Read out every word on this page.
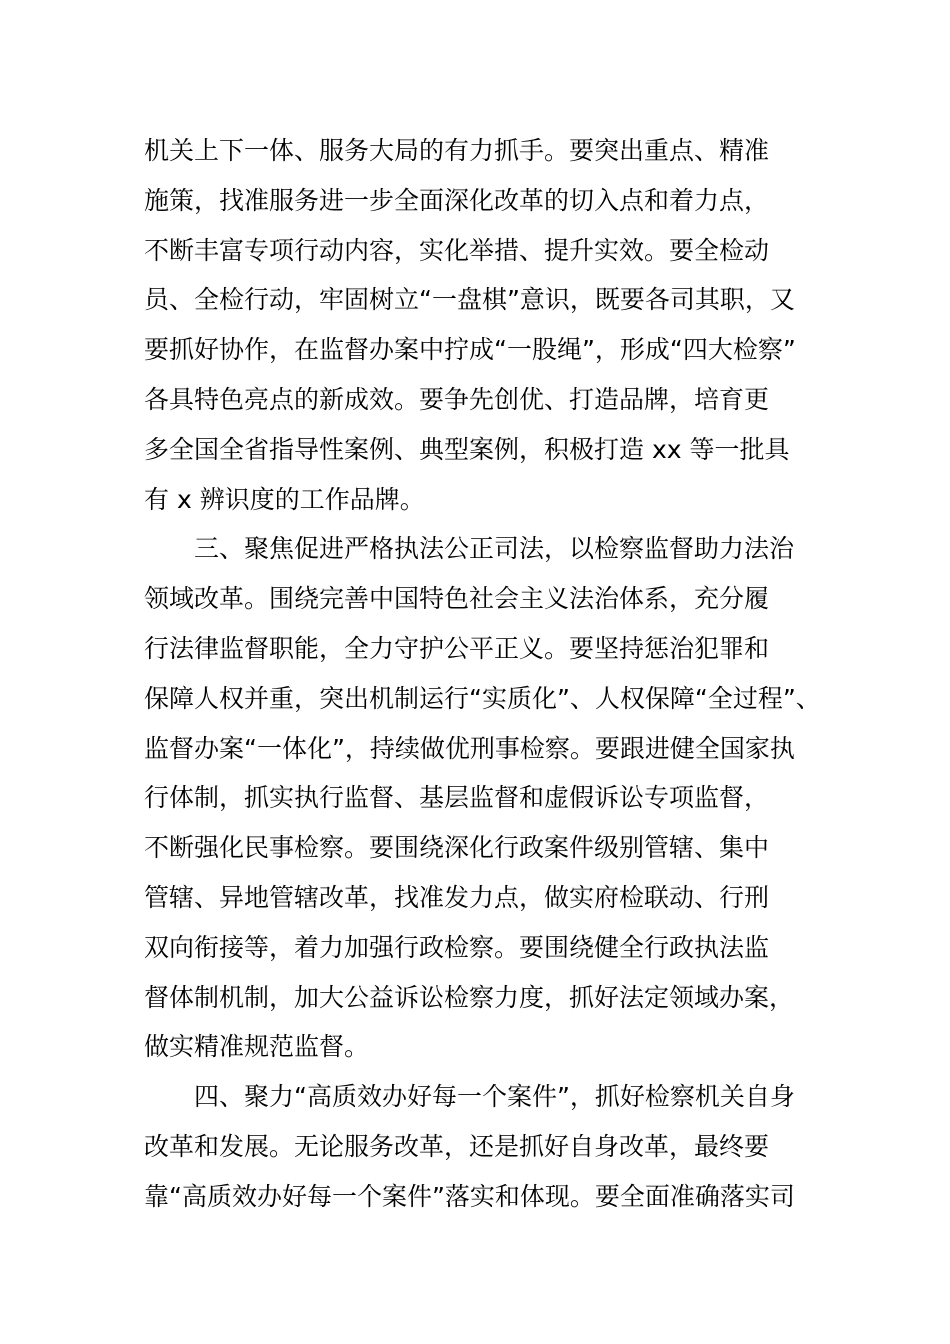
机关上下一体、服务大局的有力抓手。要突出重点、精准
施策，找准服务进一步全面深化改革的切入点和着力点，
不断丰富专项行动内容，实化举措、提升实效。要全检动
员、全检行动，牢固树立“一盘棋”意识，既要各司其职，又
要抓好协作，在监督办案中拧成“一股绳”，形成“四大检察”
各具特色亮点的新成效。要争先创优、打造品牌，培育更
多全国全省指导性案例、典型案例，积极打造 xx 等一批具
有 x 辨识度的工作品牌。
　　三、聚焦促进严格执法公正司法，以检察监督助力法治
领域改革。围绕完善中国特色社会主义法治体系，充分履
行法律监督职能，全力守护公平正义。要坚持惩治犯罪和
保障人权并重，突出机制运行“实质化”、人权保障“全过程”、
监督办案“一体化”，持续做优刑事检察。要跟进健全国家执
行体制，抓实执行监督、基层监督和虚假诉讼专项监督，
不断强化民事检察。要围绕深化行政案件级别管辖、集中
管辖、异地管辖改革，找准发力点，做实府检联动、行刑
双向衔接等，着力加强行政检察。要围绕健全行政执法监
督体制机制，加大公益诉讼检察力度，抓好法定领域办案，
做实精准规范监督。
　　四、聚力“高质效办好每一个案件”，抓好检察机关自身
改革和发展。无论服务改革，还是抓好自身改革，最终要
靠“高质效办好每一个案件”落实和体现。要全面准确落实司
